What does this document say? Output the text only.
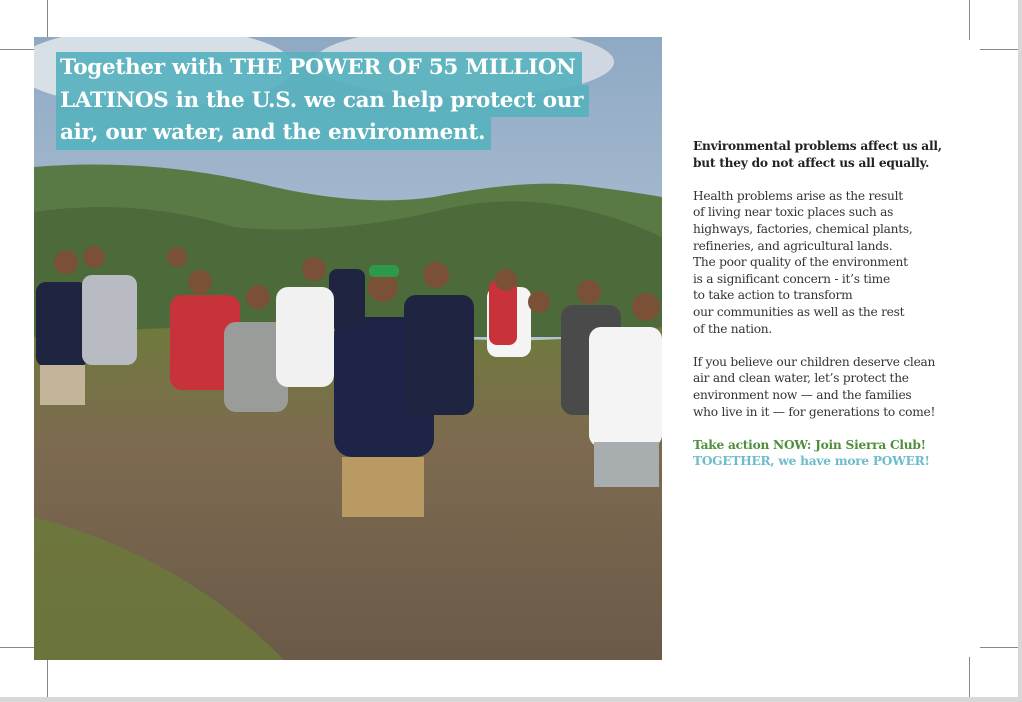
Together with THE POWER OF 55 MILLION
LATINOS in the U.S. we can help protect our
air, our water, and the environment.

Environmental problems affect us all,
but they do not affect us all equally.

Health problems arise as the result
of living near toxic places such as
highways, factories, chemical plants,
refineries, and agricultural lands.
The poor quality of the environment
is a significant concern - it’s time
to take action to transform
our communities as well as the rest
of the nation.

If you believe our children deserve clean
air and clean water, let’s protect the
environment now — and the families
who live in it — for generations to come!

Take action NOW: Join Sierra Club!

TOGETHER, we have more POWER!
